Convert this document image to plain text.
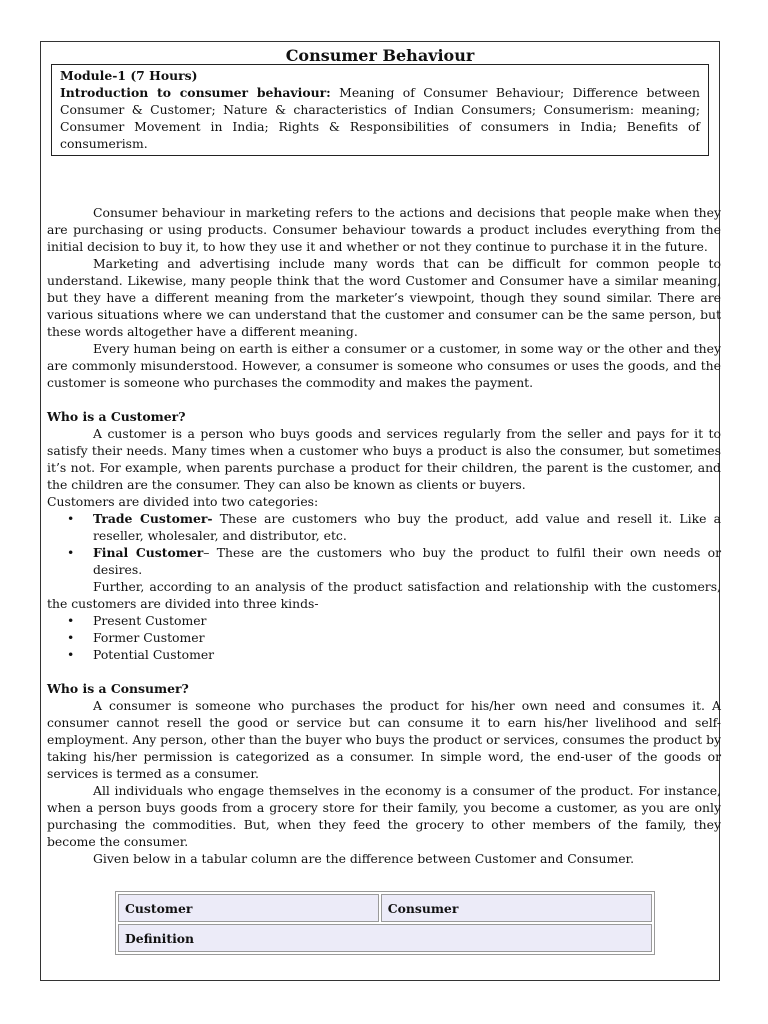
Consumer Behaviour
Module-1 (7 Hours)
Introduction to consumer behaviour: Meaning of Consumer Behaviour; Difference between Consumer & Customer; Nature & characteristics of Indian Consumers; Consumerism: meaning; Consumer Movement in India; Rights & Responsibilities of consumers in India; Benefits of consumerism.

Consumer behaviour in marketing refers to the actions and decisions that people make when they are purchasing or using products. Consumer behaviour towards a product includes everything from the initial decision to buy it, to how they use it and whether or not they continue to purchase it in the future.

Marketing and advertising include many words that can be difficult for common people to understand. Likewise, many people think that the word Customer and Consumer have a similar meaning, but they have a different meaning from the marketer’s viewpoint, though they sound similar. There are various situations where we can understand that the customer and consumer can be the same person, but these words altogether have a different meaning.

Every human being on earth is either a consumer or a customer, in some way or the other and they are commonly misunderstood. However, a consumer is someone who consumes or uses the goods, and the customer is someone who purchases the commodity and makes the payment.

Who is a Customer?

A customer is a person who buys goods and services regularly from the seller and pays for it to satisfy their needs. Many times when a customer who buys a product is also the consumer, but sometimes it’s not. For example, when parents purchase a product for their children, the parent is the customer, and the children are the consumer. They can also be known as clients or buyers.

Customers are divided into two categories:

• Trade Customer- These are customers who buy the product, add value and resell it. Like a reseller, wholesaler, and distributor, etc.
• Final Customer– These are the customers who buy the product to fulfil their own needs or desires.

Further, according to an analysis of the product satisfaction and relationship with the customers, the customers are divided into three kinds-

• Present Customer
• Former Customer
• Potential Customer

Who is a Consumer?

A consumer is someone who purchases the product for his/her own need and consumes it. A consumer cannot resell the good or service but can consume it to earn his/her livelihood and self-employment. Any person, other than the buyer who buys the product or services, consumes the product by taking his/her permission is categorized as a consumer. In simple word, the end-user of the goods or services is termed as a consumer.

All individuals who engage themselves in the economy is a consumer of the product. For instance, when a person buys goods from a grocery store for their family, you become a customer, as you are only purchasing the commodities. But, when they feed the grocery to other members of the family, they become the consumer.

Given below in a tabular column are the difference between Customer and Consumer.

Customer	Consumer
Definition
